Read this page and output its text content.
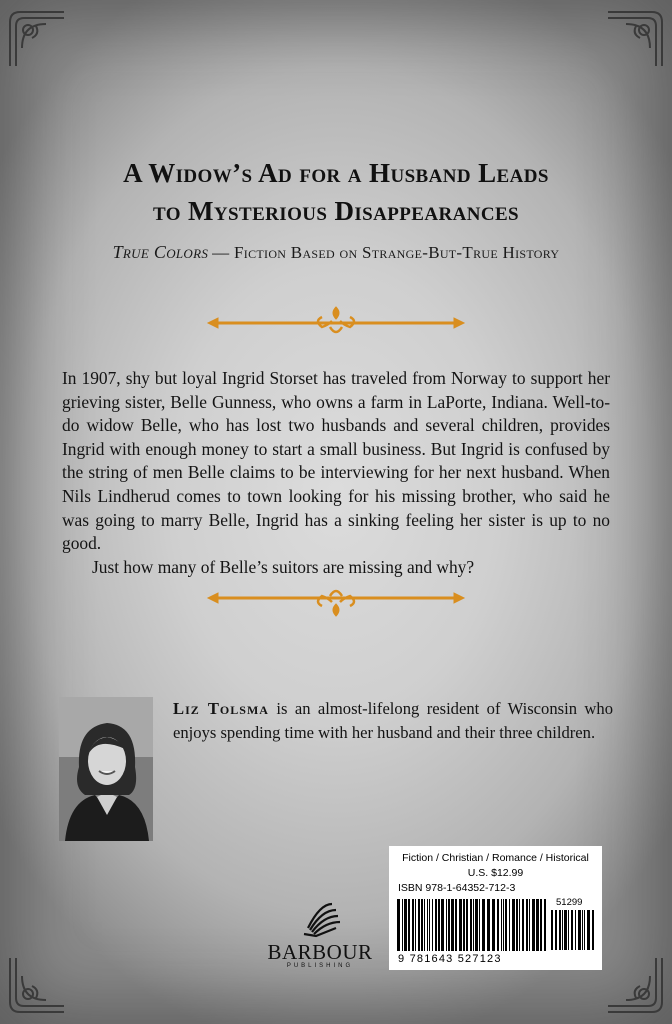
A Widow’s Ad for a Husband Leads
to Mysterious Disappearances
True Colors — Fiction Based on Strange-But-True History

In 1907, shy but loyal Ingrid Storset has traveled from Norway to support her grieving sister, Belle Gunness, who owns a farm in LaPorte, Indiana. Well-to-do widow Belle, who has lost two husbands and several children, provides Ingrid with enough money to start a small business. But Ingrid is confused by the string of men Belle claims to be interviewing for her next husband. When Nils Lindherud comes to town looking for his missing brother, who said he was going to marry Belle, Ingrid has a sinking feeling her sister is up to no good.

Just how many of Belle’s suitors are missing and why?

Liz Tolsma is an almost-lifelong resident of Wisconsin who enjoys spending time with her husband and their three children.
BARBOUR
PUBLISHING
Fiction / Christian / Romance / Historical
U.S. $12.99
ISBN 978-1-64352-712-3
51299
9 781643 527123
